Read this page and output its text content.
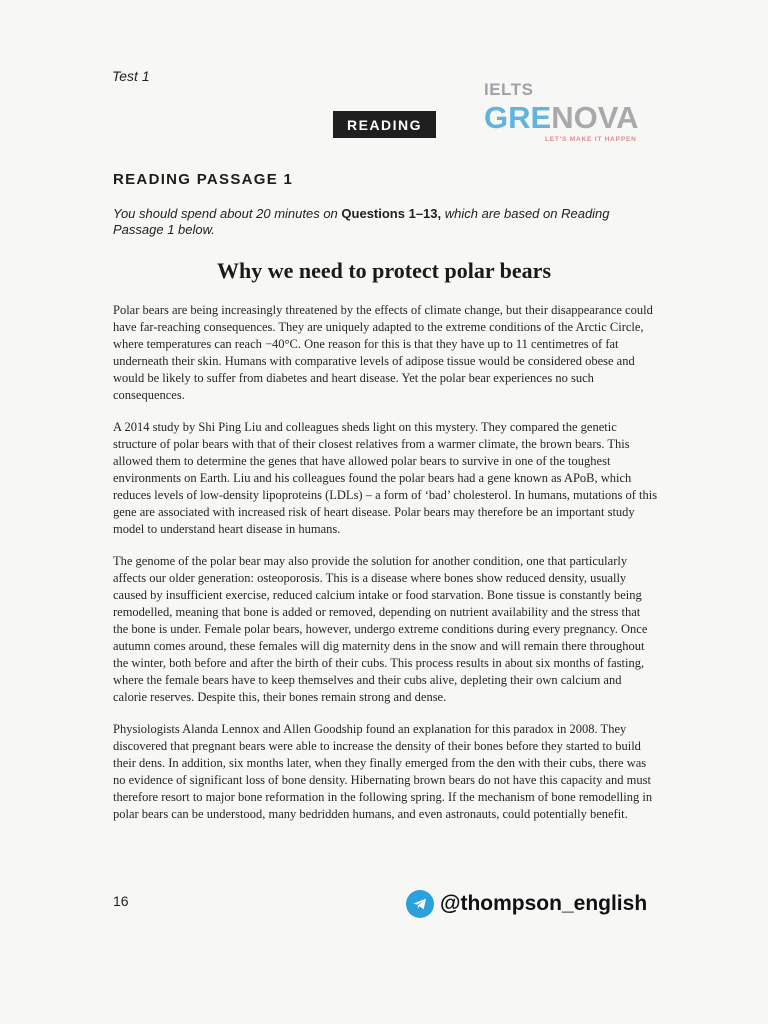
Test 1
READING
IELTS
GRENOVA
LET'S MAKE IT HAPPEN
READING PASSAGE 1
You should spend about 20 minutes on Questions 1–13, which are based on Reading Passage 1 below.
Why we need to protect polar bears

Polar bears are being increasingly threatened by the effects of climate change, but their disappearance could have far-reaching consequences. They are uniquely adapted to the extreme conditions of the Arctic Circle, where temperatures can reach −40°C. One reason for this is that they have up to 11 centimetres of fat underneath their skin. Humans with comparative levels of adipose tissue would be considered obese and would be likely to suffer from diabetes and heart disease. Yet the polar bear experiences no such consequences.

A 2014 study by Shi Ping Liu and colleagues sheds light on this mystery. They compared the genetic structure of polar bears with that of their closest relatives from a warmer climate, the brown bears. This allowed them to determine the genes that have allowed polar bears to survive in one of the toughest environments on Earth. Liu and his colleagues found the polar bears had a gene known as APoB, which reduces levels of low-density lipoproteins (LDLs) – a form of ‘bad’ cholesterol. In humans, mutations of this gene are associated with increased risk of heart disease. Polar bears may therefore be an important study model to understand heart disease in humans.

The genome of the polar bear may also provide the solution for another condition, one that particularly affects our older generation: osteoporosis. This is a disease where bones show reduced density, usually caused by insufficient exercise, reduced calcium intake or food starvation. Bone tissue is constantly being remodelled, meaning that bone is added or removed, depending on nutrient availability and the stress that the bone is under. Female polar bears, however, undergo extreme conditions during every pregnancy. Once autumn comes around, these females will dig maternity dens in the snow and will remain there throughout the winter, both before and after the birth of their cubs. This process results in about six months of fasting, where the female bears have to keep themselves and their cubs alive, depleting their own calcium and calorie reserves. Despite this, their bones remain strong and dense.

Physiologists Alanda Lennox and Allen Goodship found an explanation for this paradox in 2008. They discovered that pregnant bears were able to increase the density of their bones before they started to build their dens. In addition, six months later, when they finally emerged from the den with their cubs, there was no evidence of significant loss of bone density. Hibernating brown bears do not have this capacity and must therefore resort to major bone reformation in the following spring. If the mechanism of bone remodelling in polar bears can be understood, many bedridden humans, and even astronauts, could potentially benefit.

16	@thompson_english
